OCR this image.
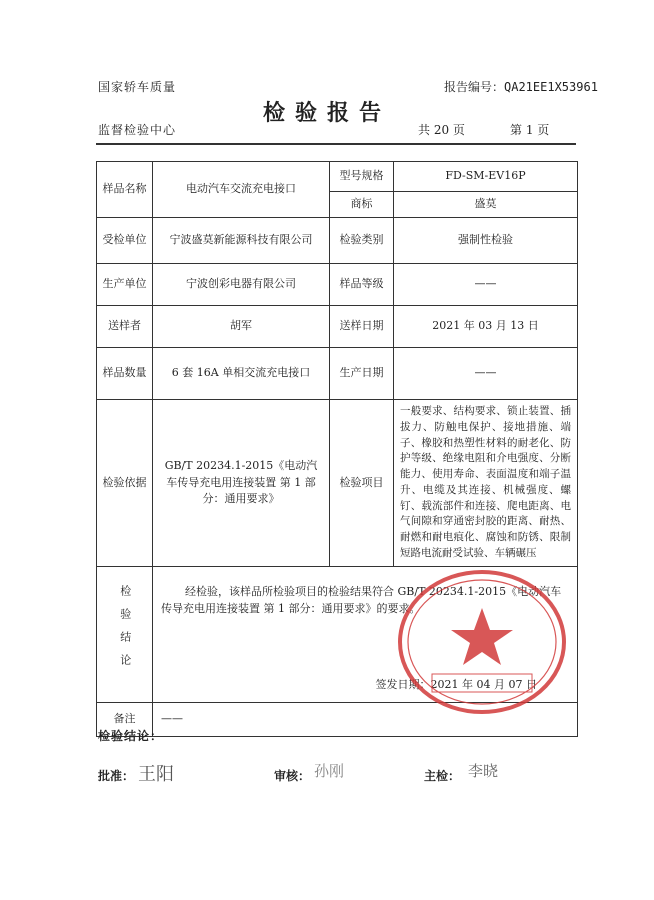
国家轿车质量
监督检验中心
报告编号：QA21EE1X53961
检验报告
共 20 页	第 1 页
样品名称	电动汽车交流充电接口	型号规格	FD-SM-EV16P
		商标	盛莫
受检单位	宁波盛莫新能源科技有限公司	检验类别	强制性检验
生产单位	宁波创彩电器有限公司	样品等级	——
送样者	胡军	送样日期	2021 年 03 月 13 日
样品数量	6 套 16A 单相交流充电接口	生产日期	——
检验依据	GB/T 20234.1-2015《电动汽车传导充电用连接装置 第 1 部分：通用要求》	检验项目	一般要求、结构要求、锁止装置、插拔力、防触电保护、接地措施、端子、橡胶和热塑性材料的耐老化、防护等级、绝缘电阻和介电强度、分断能力、使用寿命、表面温度和端子温升、电缆及其连接、机械强度、螺钉、载流部件和连接、爬电距离、电气间隙和穿通密封胶的距离、耐热、耐燃和耐电痕化、腐蚀和防锈、限制短路电流耐受试验、车辆碾压
检验结论	经检验，该样品所检验项目的检验结果符合 GB/T 20234.1-2015《电动汽车传导充电用连接装置 第 1 部分：通用要求》的要求。
签发日期：2021 年 04 月 07 日		

备注	——		
检验结论：
批准： 王阳	审核： 孙刚	主检： 李晓
